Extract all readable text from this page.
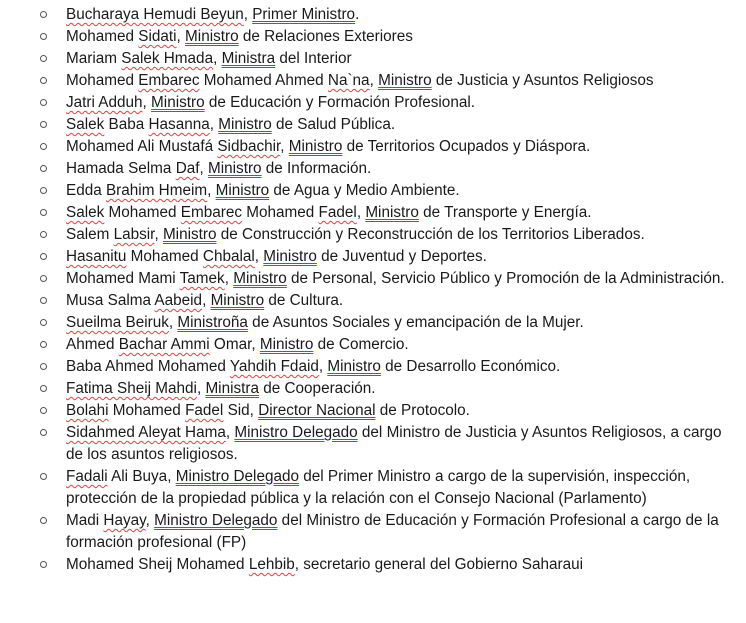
Bucharaya Hemudi Beyun, Primer Ministro.
Mohamed Sidati, Ministro de Relaciones Exteriores
Mariam Salek Hmada, Ministra del Interior
Mohamed Embarec Mohamed Ahmed Na`na, Ministro de Justicia y Asuntos Religiosos
Jatri Adduh, Ministro de Educación y Formación Profesional.
Salek Baba Hasanna, Ministro de Salud Pública.
Mohamed Ali Mustafá Sidbachir, Ministro de Territorios Ocupados y Diáspora.
Hamada Selma Daf, Ministro de Información.
Edda Brahim Hmeim, Ministro de Agua y Medio Ambiente.
Salek Mohamed Embarec Mohamed Fadel, Ministro de Transporte y Energía.
Salem Labsir, Ministro de Construcción y Reconstrucción de los Territorios Liberados.
Hasanitu Mohamed Chbalal, Ministro de Juventud y Deportes.
Mohamed Mami Tamek, Ministro de Personal, Servicio Público y Promoción de la Administración.
Musa Salma Aabeid, Ministro de Cultura.
Sueilma Beiruk, Ministroña de Asuntos Sociales y emancipación de la Mujer.
Ahmed Bachar Ammi Omar, Ministro de Comercio.
Baba Ahmed Mohamed Yahdih Fdaid, Ministro de Desarrollo Económico.
Fatima Sheij Mahdi, Ministra de Cooperación.
Bolahi Mohamed Fadel Sid, Director Nacional de Protocolo.
Sidahmed Aleyat Hama, Ministro Delegado del Ministro de Justicia y Asuntos Religiosos, a cargo de los asuntos religiosos.
Fadali Ali Buya, Ministro Delegado del Primer Ministro a cargo de la supervisión, inspección, protección de la propiedad pública y la relación con el Consejo Nacional (Parlamento)
Madi Hayay, Ministro Delegado del Ministro de Educación y Formación Profesional a cargo de la formación profesional (FP)
Mohamed Sheij Mohamed Lehbib, secretario general del Gobierno Saharaui
